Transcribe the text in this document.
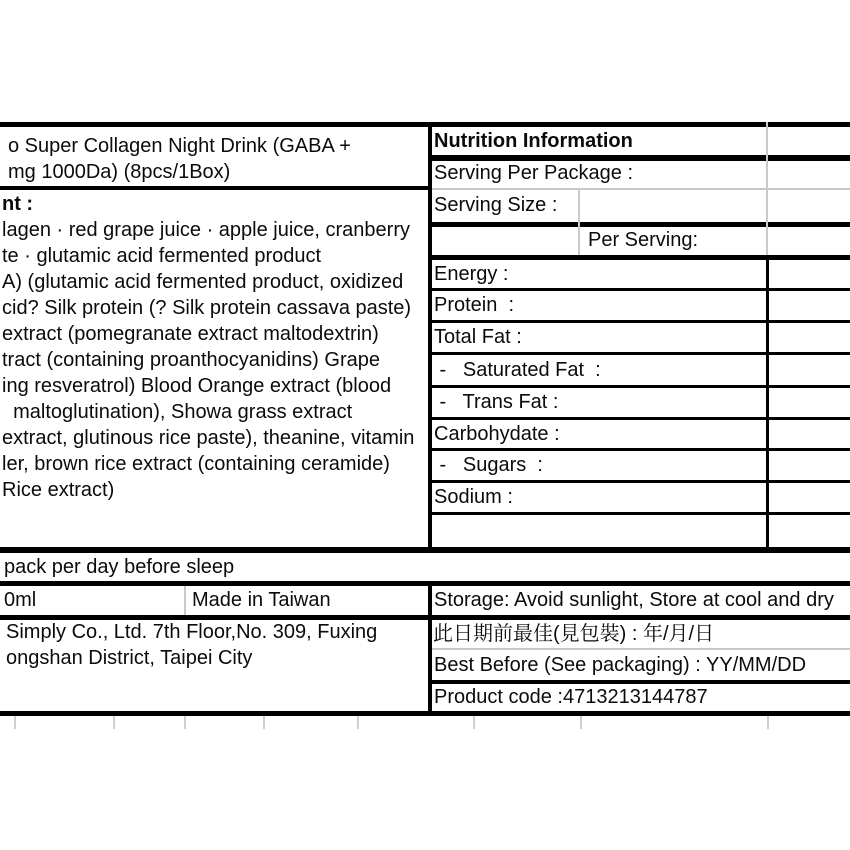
o Super Collagen Night Drink (GABA +
mg 1000Da) (8pcs/1Box)
nt :
lagen · red grape juice · apple juice, cranberry
te · glutamic acid fermented product
A) (glutamic acid fermented product, oxidized
cid? Silk protein (? Silk protein cassava paste)
extract (pomegranate extract maltodextrin)
tract (containing proanthocyanidins) Grape
ing resveratrol) Blood Orange extract (blood
maltoglutination), Showa grass extract
extract, glutinous rice paste), theanine, vitamin
ler, brown rice extract (containing ceramide)
Rice extract)
Nutrition Information
Serving Per Package :
Serving Size :
Per Serving:
Energy :
Protein  :
Total Fat :
-   Saturated Fat  :
-   Trans Fat :
Carbohydate :
-   Sugars  :
Sodium :
pack per day before sleep
0ml	Made in Taiwan	Storage: Avoid sunlight, Store at cool and dry
Simply Co., Ltd. 7th Floor,No. 309, Fuxing
ongshan District, Taipei City
此日期前最佳(見包裝) : 年/月/日
Best Before (See packaging) : YY/MM/DD
Product code :4713213144787
